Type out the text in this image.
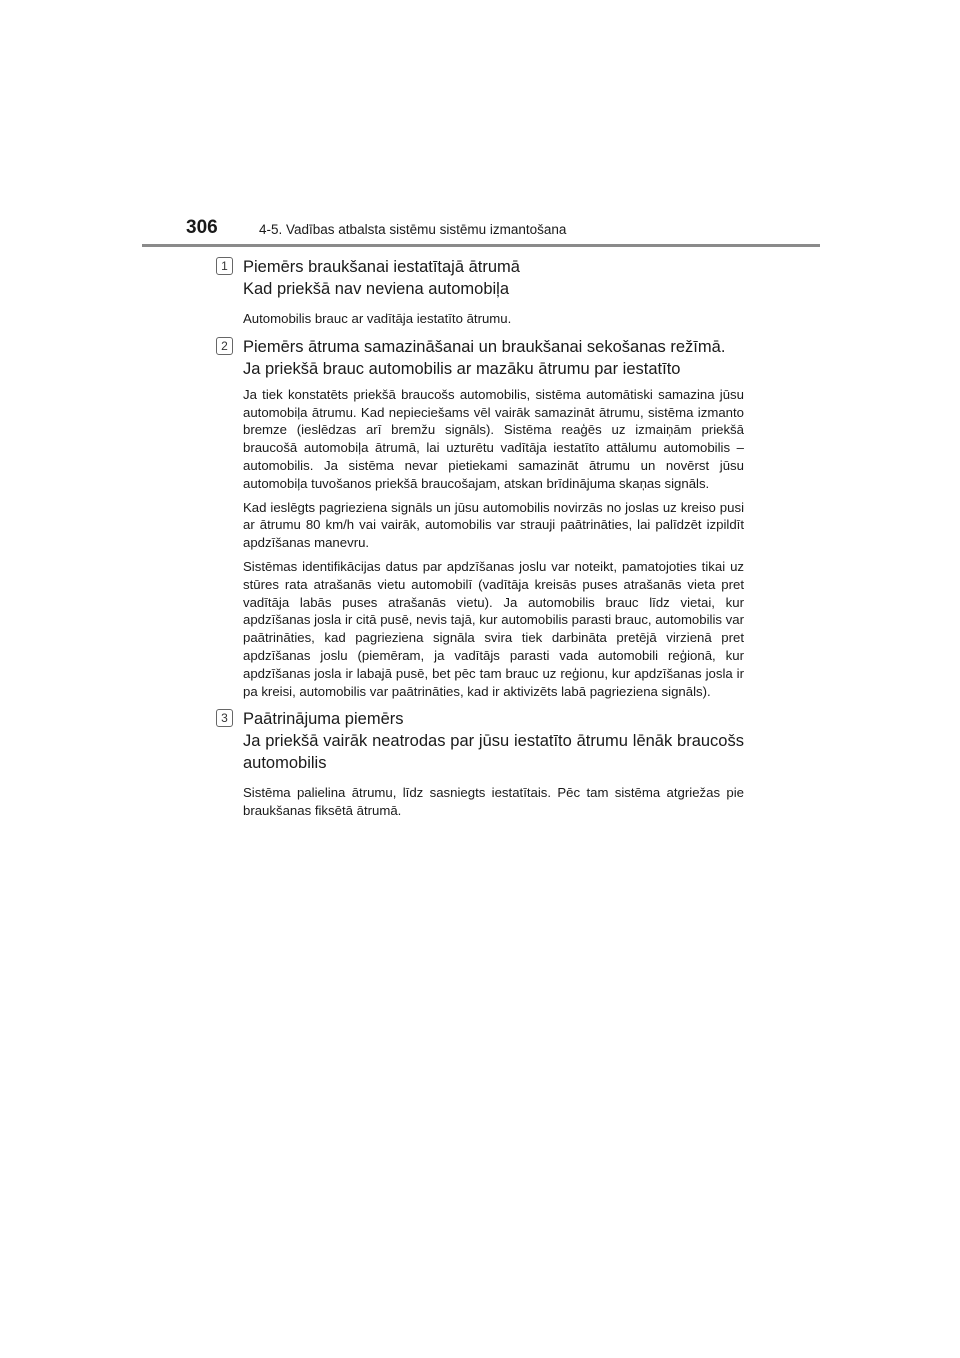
306	4-5. Vadības atbalsta sistēmu sistēmu izmantošana
1 Piemērs braukšanai iestatītajā ātrumā
Kad priekšā nav neviena automobiļa
Automobilis brauc ar vadītāja iestatīto ātrumu.
2 Piemērs ātruma samazināšanai un braukšanai sekošanas režīmā.
Ja priekšā brauc automobilis ar mazāku ātrumu par iestatīto
Ja tiek konstatēts priekšā braucošs automobilis, sistēma automātiski samazina jūsu automobiļa ātrumu. Kad nepieciešams vēl vairāk samazināt ātrumu, sistēma izmanto bremze (ieslēdzas arī bremžu signāls). Sistēma reaģēs uz izmaiņām priekšā braucošā automobiļa ātrumā, lai uzturētu vadītāja iestatīto attālumu automobilis – automobilis. Ja sistēma nevar pietiekami samazināt ātrumu un novērst jūsu automobiļa tuvošanos priekšā braucošajam, atskan brīdinājuma skaņas signāls.
Kad ieslēgts pagrieziena signāls un jūsu automobilis novirzās no joslas uz kreiso pusi ar ātrumu 80 km/h vai vairāk, automobilis var strauji paātrināties, lai palīdzēt izpildīt apdzīšanas manevru.
Sistēmas identifikācijas datus par apdzīšanas joslu var noteikt, pamatojoties tikai uz stūres rata atrašanās vietu automobilī (vadītāja kreisās puses atrašanās vieta pret vadītāja labās puses atrašanās vietu). Ja automobilis brauc līdz vietai, kur apdzīšanas josla ir citā pusē, nevis tajā, kur automobilis parasti brauc, automobilis var paātrināties, kad pagrieziena signāla svira tiek darbināta pretējā virzienā pret apdzīšanas joslu (piemēram, ja vadītājs parasti vada automobili reģionā, kur apdzīšanas josla ir labajā pusē, bet pēc tam brauc uz reģionu, kur apdzīšanas josla ir pa kreisi, automobilis var paātrināties, kad ir aktivizēts labā pagrieziena signāls).
3 Paātrinājuma piemērs
Ja priekšā vairāk neatrodas par jūsu iestatīto ātrumu lēnāk braucošs automobilis
Sistēma palielina ātrumu, līdz sasniegts iestatītais. Pēc tam sistēma atgriežas pie braukšanas fiksētā ātrumā.
